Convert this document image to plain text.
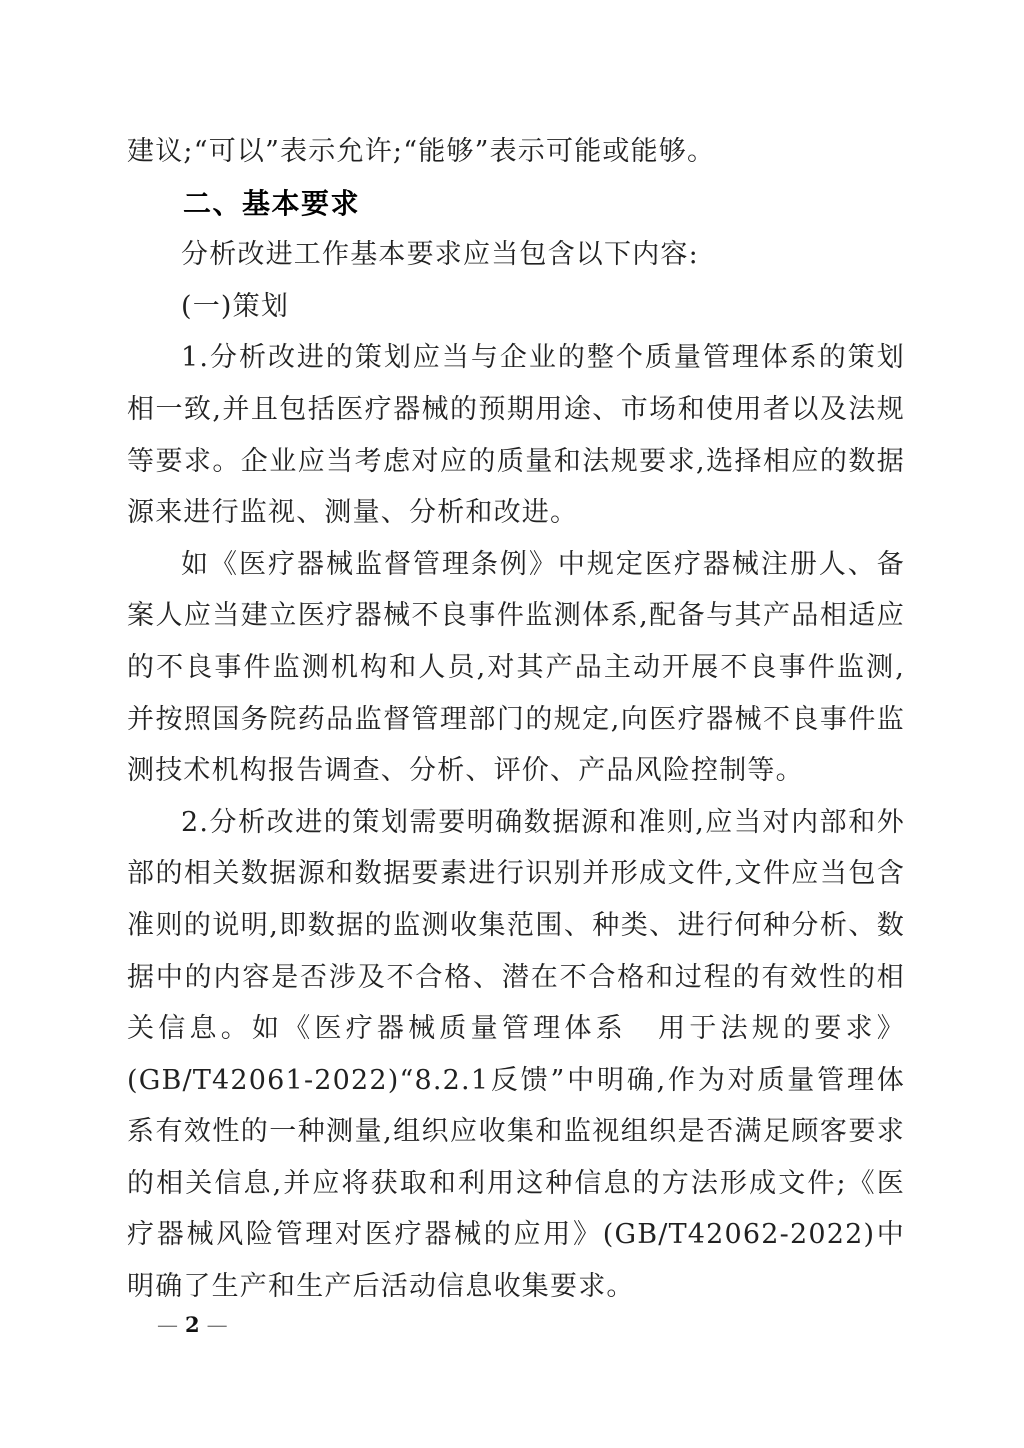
建议;“可以”表示允许;“能够”表示可能或能够。

二、基本要求

分析改进工作基本要求应当包含以下内容:

(一)策划

1.分析改进的策划应当与企业的整个质量管理体系的策划相一致,并且包括医疗器械的预期用途、市场和使用者以及法规等要求。企业应当考虑对应的质量和法规要求,选择相应的数据源来进行监视、测量、分析和改进。

如《医疗器械监督管理条例》中规定医疗器械注册人、备案人应当建立医疗器械不良事件监测体系,配备与其产品相适应的不良事件监测机构和人员,对其产品主动开展不良事件监测,并按照国务院药品监督管理部门的规定,向医疗器械不良事件监测技术机构报告调查、分析、评价、产品风险控制等。

2.分析改进的策划需要明确数据源和准则,应当对内部和外部的相关数据源和数据要素进行识别并形成文件,文件应当包含准则的说明,即数据的监测收集范围、种类、进行何种分析、数据中的内容是否涉及不合格、潜在不合格和过程的有效性的相关信息。如《医疗器械质量管理体系　用于法规的要求》(GB/T42061-2022)“8.2.1反馈”中明确,作为对质量管理体系有效性的一种测量,组织应收集和监视组织是否满足顾客要求的相关信息,并应将获取和利用这种信息的方法形成文件;《医疗器械风险管理对医疗器械的应用》(GB/T42062-2022)中明确了生产和生产后活动信息收集要求。

— 2 —
